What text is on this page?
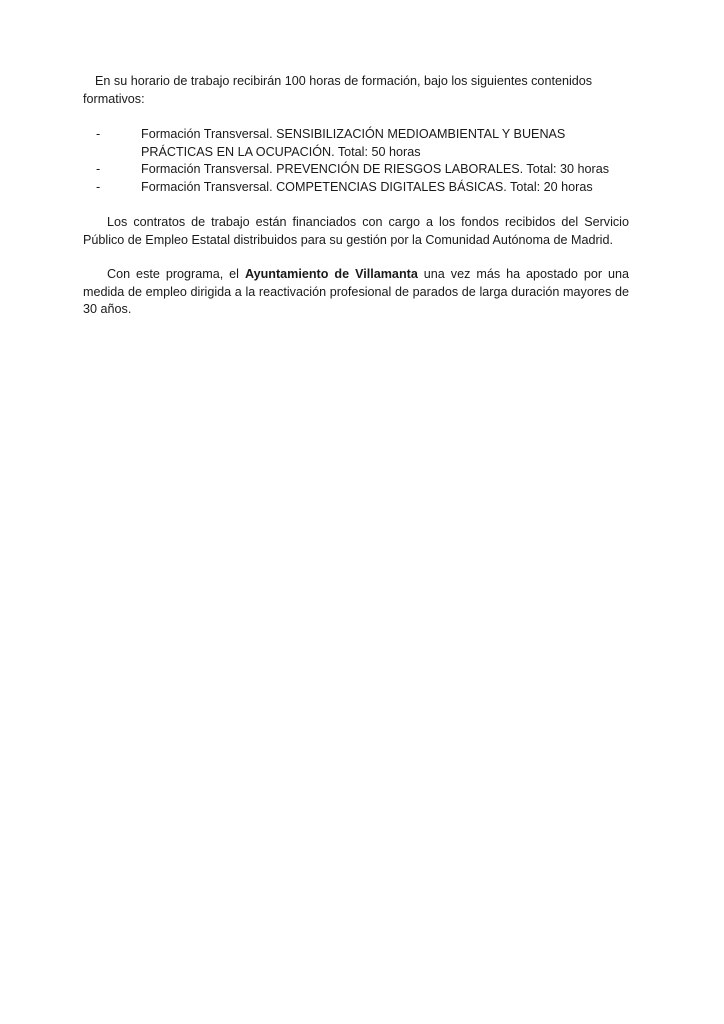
En su horario de trabajo recibirán 100 horas de formación, bajo los siguientes contenidos formativos:

-	Formación Transversal. SENSIBILIZACIÓN MEDIOAMBIENTAL Y BUENAS PRÁCTICAS EN LA OCUPACIÓN. Total: 50 horas
-	Formación Transversal. PREVENCIÓN DE RIESGOS LABORALES. Total: 30 horas
-	Formación Transversal. COMPETENCIAS DIGITALES BÁSICAS. Total: 20 horas

Los contratos de trabajo están financiados con cargo a los fondos recibidos del Servicio Público de Empleo Estatal distribuidos para su gestión por la Comunidad Autónoma de Madrid.

Con este programa, el Ayuntamiento de Villamanta una vez más ha apostado por una medida de empleo dirigida a la reactivación profesional de parados de larga duración mayores de 30 años.
